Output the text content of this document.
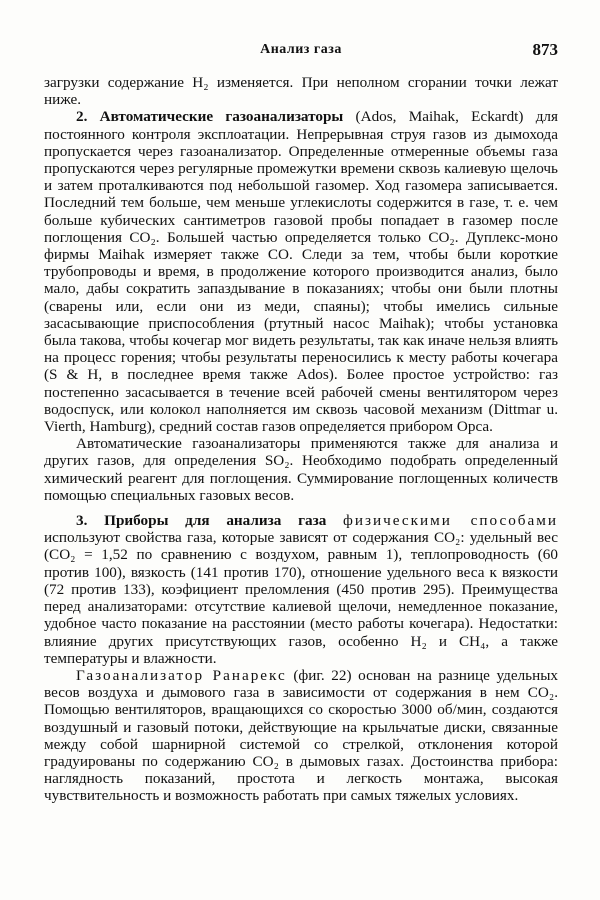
Анализ газа	873

загрузки содержание H₂ изменяется. При неполном сгорании точки лежат ниже.

2. Автоматические газоанализаторы (Ados, Maihak, Eckardt) для постоянного контроля эксплоатации. Непрерывная струя газов из дымохода пропускается через газоанализатор. Определенные отмеренные объемы газа пропускаются через регулярные промежутки времени сквозь калиевую щелочь и затем проталкиваются под небольшой газомер. Ход газомера записывается. Последний тем больше, чем меньше углекислоты содержится в газе, т. е. чем больше кубических сантиметров газовой пробы попадает в газомер после поглощения CO₂. Большей частью определяется только CO₂. Дуплекс-моно фирмы Maihak измеряет также CO. Следи за тем, чтобы были короткие трубопроводы и время, в продолжение которого производится анализ, было мало, дабы сократить запаздывание в показаниях; чтобы они были плотны (сварены или, если они из меди, спаяны); чтобы имелись сильные засасывающие приспособления (ртутный насос Maihak); чтобы установка была такова, чтобы кочегар мог видеть результаты, так как иначе нельзя влиять на процесс горения; чтобы результаты переносились к месту работы кочегара (S & H, в последнее время также Ados). Более простое устройство: газ постепенно засасывается в течение всей рабочей смены вентилятором через водоспуск, или колокол наполняется им сквозь часовой механизм (Dittmar u. Vierth, Hamburg), средний состав газов определяется прибором Орса.

Автоматические газоанализаторы применяются также для анализа и других газов, для определения SO₂. Необходимо подобрать определенный химический реагент для поглощения. Суммирование поглощенных количеств помощью специальных газовых весов.

3. Приборы для анализа газа физическими способами используют свойства газа, которые зависят от содержания CO₂: удельный вес (CO₂ = 1,52 по сравнению с воздухом, равным 1), теплопроводность (60 против 100), вязкость (141 против 170), отношение удельного веса к вязкости (72 против 133), коэфициент преломления (450 против 295). Преимущества перед анализаторами: отсутствие калиевой щелочи, немедленное показание, удобное часто показание на расстоянии (место работы кочегара). Недостатки: влияние других присутствующих газов, особенно H₂ и CH₄, а также температуры и влажности.

Газоанализатор Ранарекс (фиг. 22) основан на разнице удельных весов воздуха и дымового газа в зависимости от содержания в нем CO₂. Помощью вентиляторов, вращающихся со скоростью 3000 об/мин, создаются воздушный и газовый потоки, действующие на крыльчатые диски, связанные между собой шарнирной системой со стрелкой, отклонения которой градуированы по содержанию CO₂ в дымовых газах. Достоинства прибора: наглядность показаний, простота и легкость монтажа, высокая чувствительность и возможность работать при самых тяжелых условиях.
